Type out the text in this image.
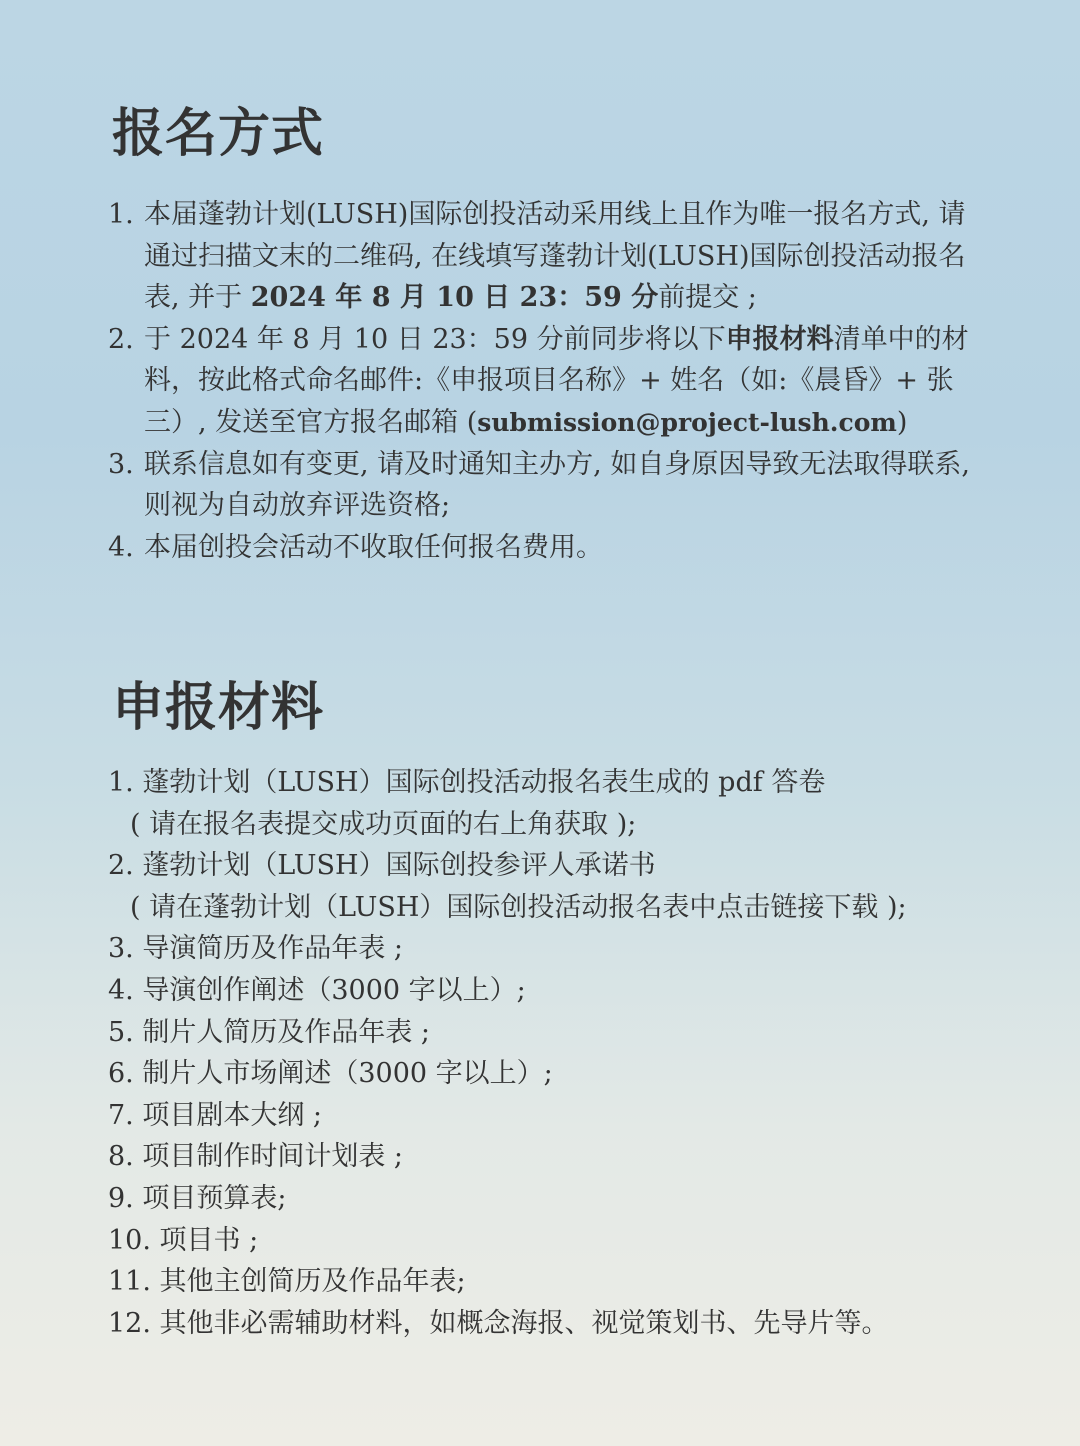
报名方式
1. 本届蓬勃计划(LUSH)国际创投活动采用线上且作为唯一报名方式, 请通过扫描文末的二维码, 在线填写蓬勃计划(LUSH)国际创投活动报名表, 并于 2024 年 8 月 10 日 23：59 分前提交 ;
2. 于 2024 年 8 月 10 日 23：59 分前同步将以下申报材料清单中的材料，按此格式命名邮件:《申报项目名称》+ 姓名（如:《晨昏》+ 张三）, 发送至官方报名邮箱 (submission@project-lush.com)
3. 联系信息如有变更, 请及时通知主办方, 如自身原因导致无法取得联系, 则视为自动放弃评选资格;
4. 本届创投会活动不收取任何报名费用。
申报材料
1. 蓬勃计划（LUSH）国际创投活动报名表生成的 pdf 答卷
( 请在报名表提交成功页面的右上角获取 );
2. 蓬勃计划（LUSH）国际创投参评人承诺书
( 请在蓬勃计划（LUSH）国际创投活动报名表中点击链接下载 );
3. 导演简历及作品年表 ;
4. 导演创作阐述（3000 字以上）;
5. 制片人简历及作品年表 ;
6. 制片人市场阐述（3000 字以上）;
7. 项目剧本大纲 ;
8. 项目制作时间计划表 ;
9. 项目预算表;
10. 项目书 ;
11. 其他主创简历及作品年表;
12. 其他非必需辅助材料，如概念海报、视觉策划书、先导片等。
